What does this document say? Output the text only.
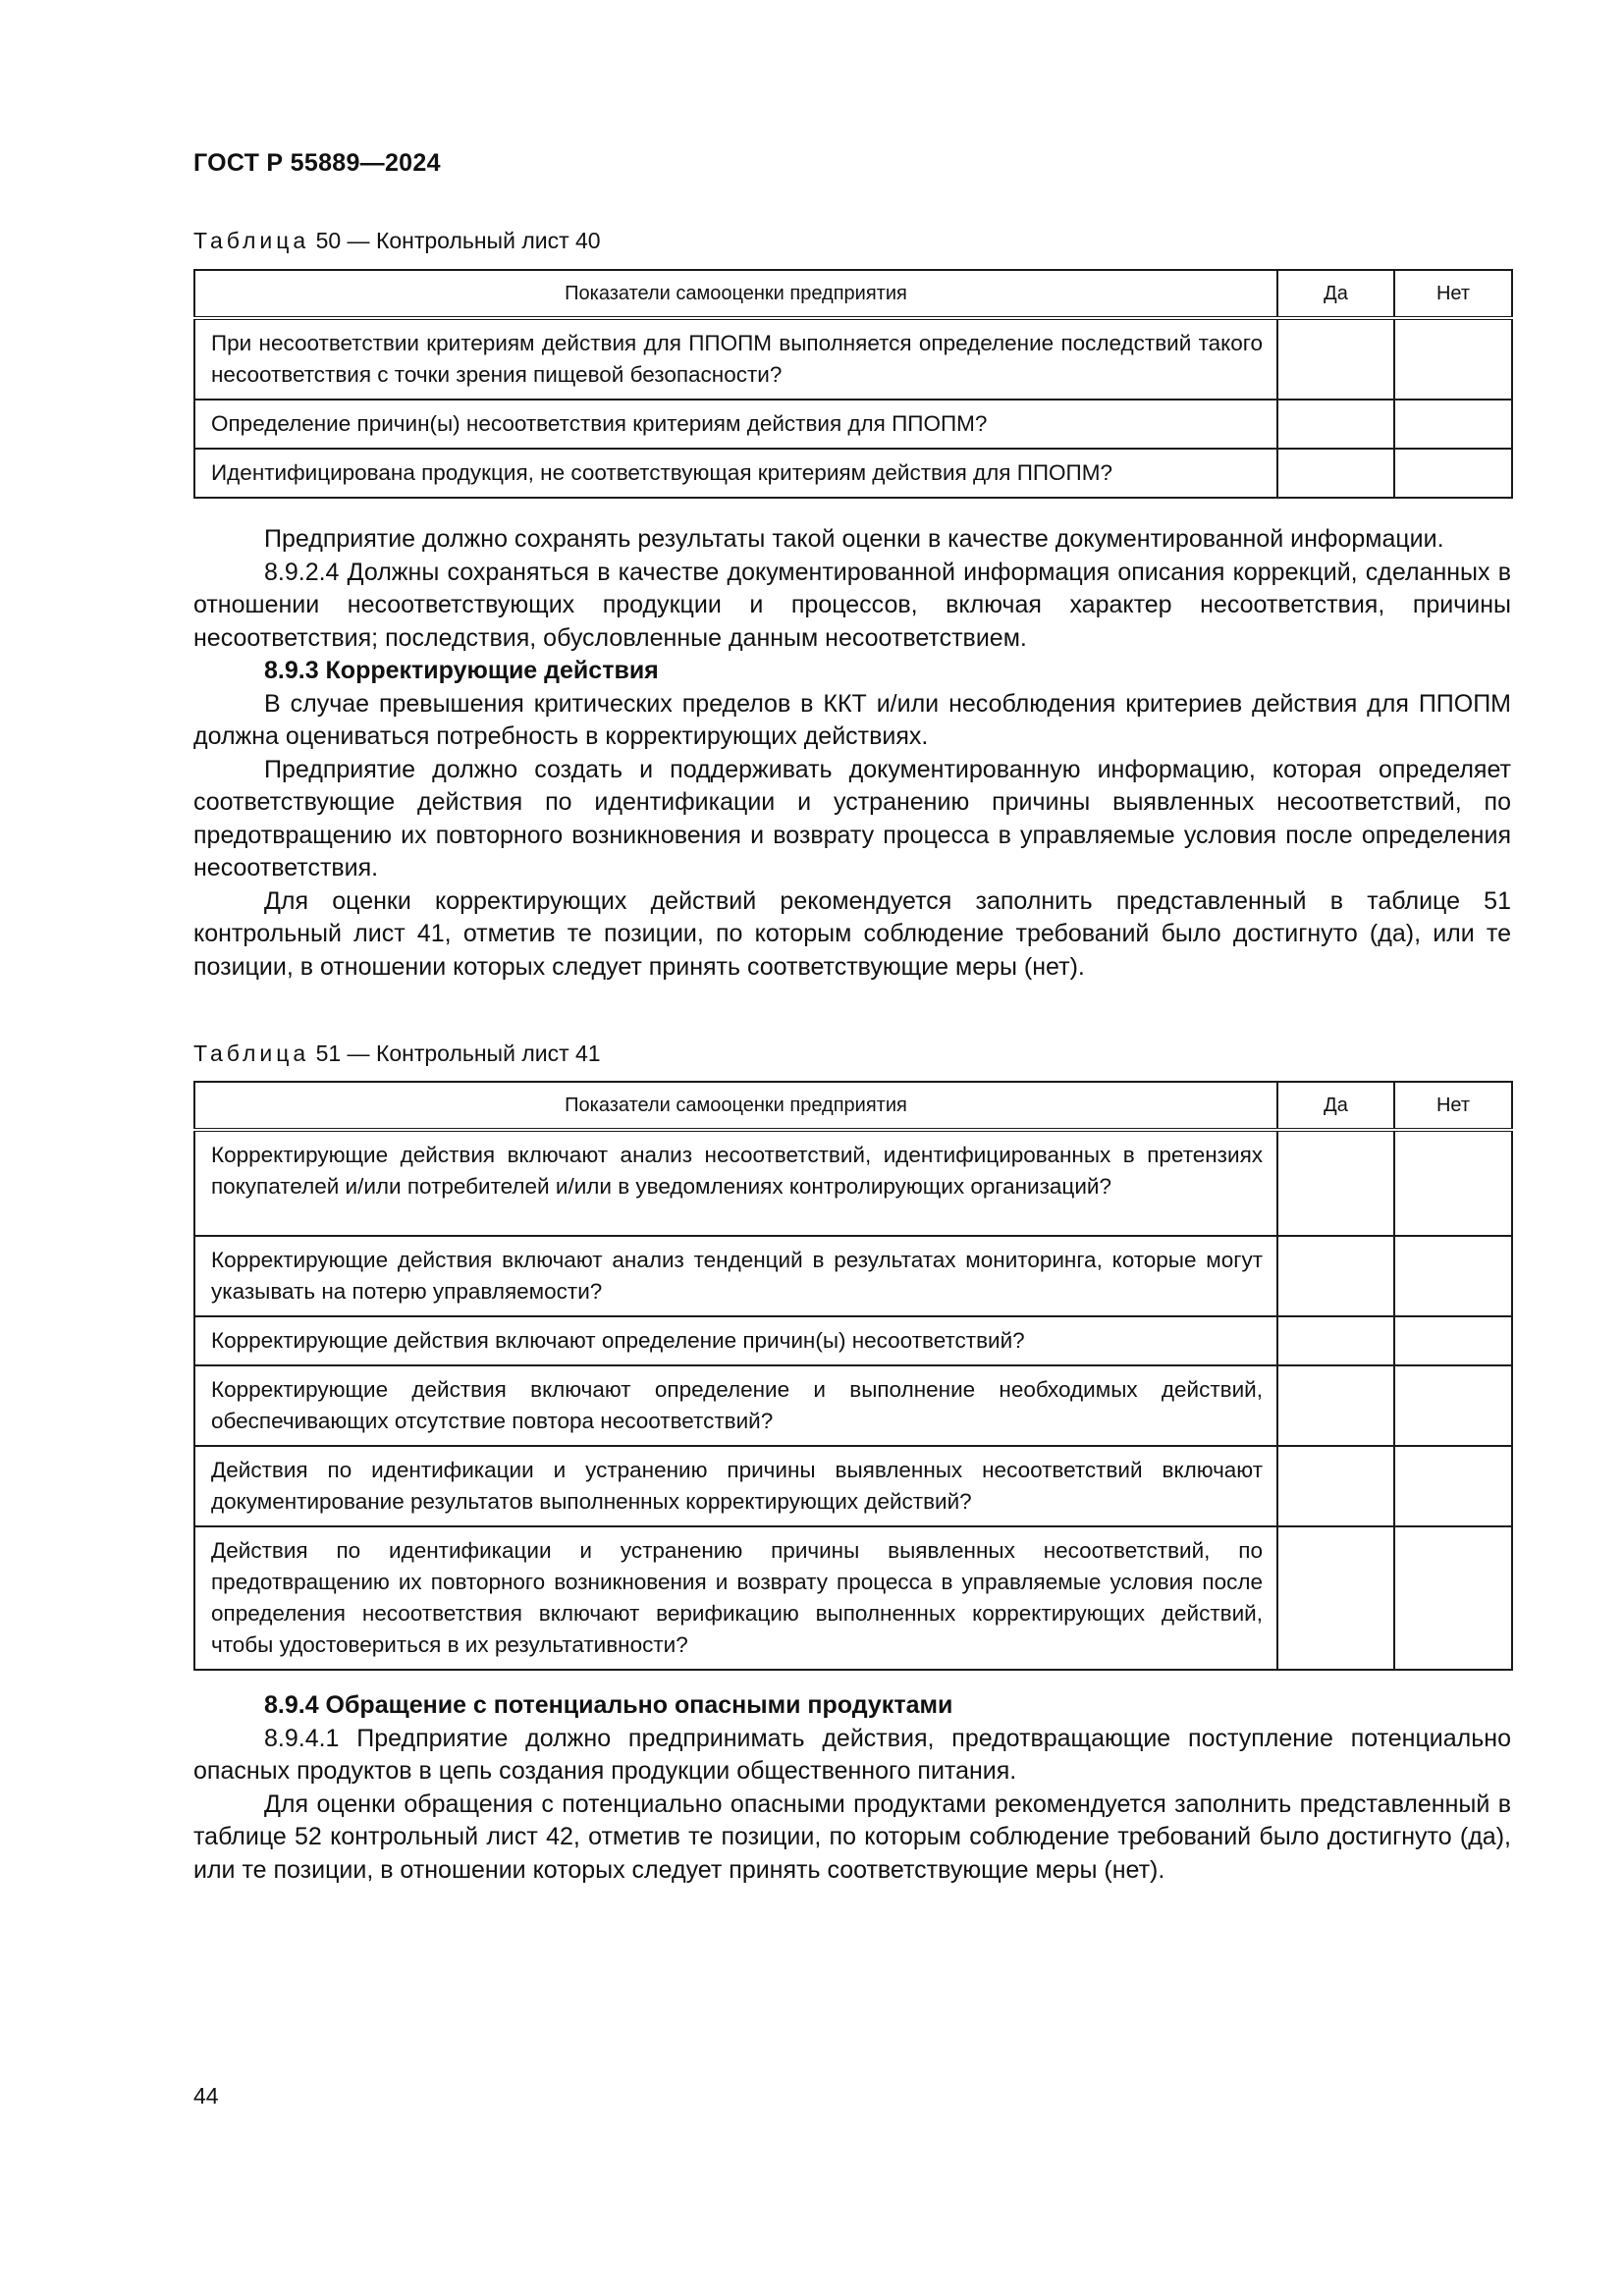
ГОСТ Р 55889—2024
Таблица 50 — Контрольный лист 40
Показатели самооценки предприятия	Да	Нет
При несоответствии критериям действия для ППОПМ выполняется определение последствий такого несоответствия с точки зрения пищевой безопасности?		
Определение причин(ы) несоответствия критериям действия для ППОПМ?		
Идентифицирована продукция, не соответствующая критериям действия для ППОПМ?		

Предприятие должно сохранять результаты такой оценки в качестве документированной информации.

8.9.2.4 Должны сохраняться в качестве документированной информация описания коррекций, сделанных в отношении несоответствующих продукции и процессов, включая характер несоответствия, причины несоответствия; последствия, обусловленные данным несоответствием.

8.9.3 Корректирующие действия

В случае превышения критических пределов в ККТ и/или несоблюдения критериев действия для ППОПМ должна оцениваться потребность в корректирующих действиях.

Предприятие должно создать и поддерживать документированную информацию, которая определяет соответствующие действия по идентификации и устранению причины выявленных несоответствий, по предотвращению их повторного возникновения и возврату процесса в управляемые условия после определения несоответствия.

Для оценки корректирующих действий рекомендуется заполнить представленный в таблице 51 контрольный лист 41, отметив те позиции, по которым соблюдение требований было достигнуто (да), или те позиции, в отношении которых следует принять соответствующие меры (нет).

Таблица 51 — Контрольный лист 41
Показатели самооценки предприятия	Да	Нет
Корректирующие действия включают анализ несоответствий, идентифицированных в претензиях покупателей и/или потребителей и/или в уведомлениях контролирующих организаций?		
Корректирующие действия включают анализ тенденций в результатах мониторинга, которые могут указывать на потерю управляемости?		
Корректирующие действия включают определение причин(ы) несоответствий?		
Корректирующие действия включают определение и выполнение необходимых действий, обеспечивающих отсутствие повтора несоответствий?		
Действия по идентификации и устранению причины выявленных несоответствий включают документирование результатов выполненных корректирующих действий?		
Действия по идентификации и устранению причины выявленных несоответствий, по предотвращению их повторного возникновения и возврату процесса в управляемые условия после определения несоответствия включают верификацию выполненных корректирующих действий, чтобы удостовериться в их результативности?		

8.9.4 Обращение с потенциально опасными продуктами

8.9.4.1 Предприятие должно предпринимать действия, предотвращающие поступление потенциально опасных продуктов в цепь создания продукции общественного питания.

Для оценки обращения с потенциально опасными продуктами рекомендуется заполнить представленный в таблице 52 контрольный лист 42, отметив те позиции, по которым соблюдение требований было достигнуто (да), или те позиции, в отношении которых следует принять соответствующие меры (нет).

44
